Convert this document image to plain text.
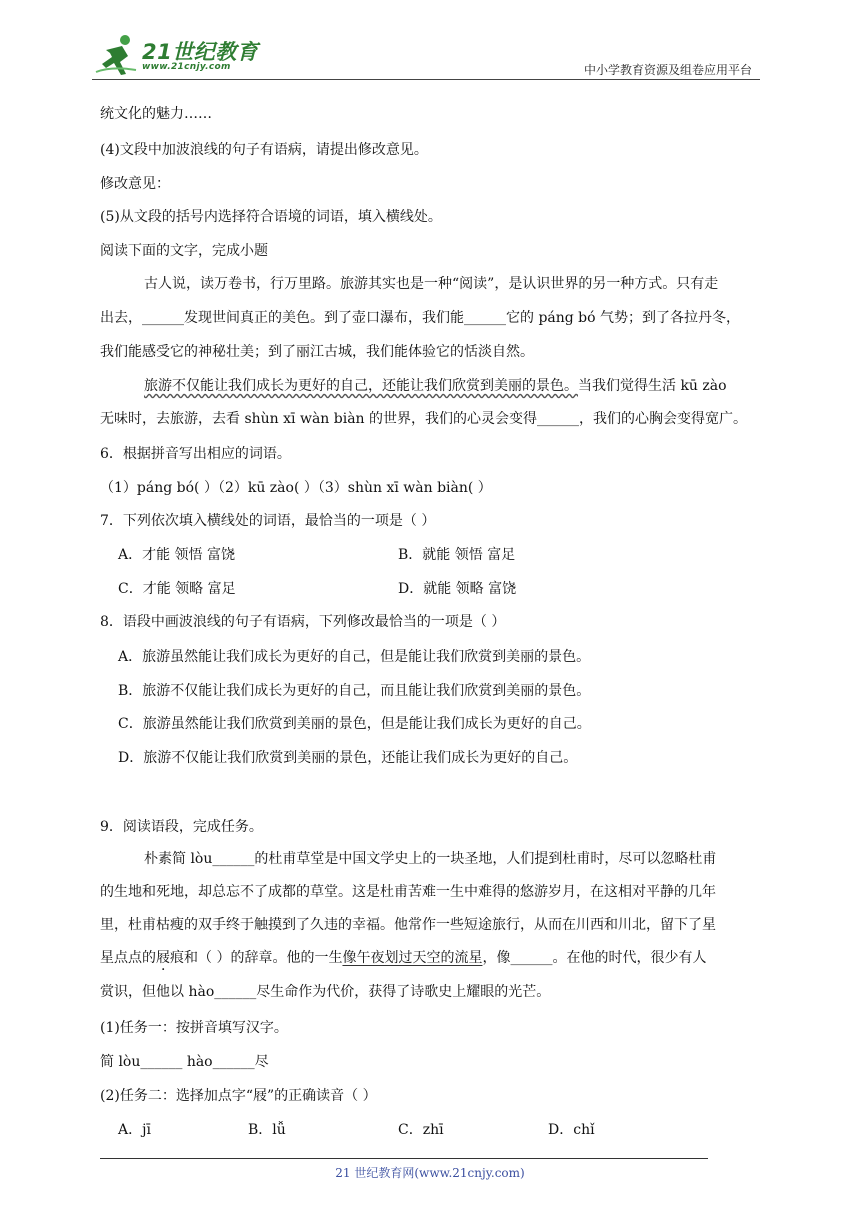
21世纪教育
www.21cnjy.com	中小学教育资源及组卷应用平台
统文化的魅力……
(4)文段中加波浪线的句子有语病，请提出修改意见。
修改意见：
(5)从文段的括号内选择符合语境的词语，填入横线处。
阅读下面的文字，完成小题
古人说，读万卷书，行万里路。旅游其实也是一种“阅读”，是认识世界的另一种方式。只有走
出去，______发现世间真正的美色。到了壶口瀑布，我们能______它的 páng bó 气势；到了各拉丹冬，
我们能感受它的神秘壮美；到了丽江古城，我们能体验它的恬淡自然。
旅游不仅能让我们成长为更好的自己，还能让我们欣赏到美丽的景色。当我们觉得生活 kū zào
无味时，去旅游，去看 shùn xī wàn biàn 的世界，我们的心灵会变得______，我们的心胸会变得宽广。
6．根据拼音写出相应的词语。
（1）páng bó( ）（2）kū zào( ）（3）shùn xī wàn biàn( ）
7．下列依次填入横线处的词语，最恰当的一项是（ ）
A．才能 领悟 富饶	B．就能 领悟 富足
C．才能 领略 富足	D．就能 领略 富饶
8．语段中画波浪线的句子有语病，下列修改最恰当的一项是（ ）
A．旅游虽然能让我们成长为更好的自己，但是能让我们欣赏到美丽的景色。
B．旅游不仅能让我们成长为更好的自己，而且能让我们欣赏到美丽的景色。
C．旅游虽然能让我们欣赏到美丽的景色，但是能让我们成长为更好的自己。
D．旅游不仅能让我们欣赏到美丽的景色，还能让我们成长为更好的自己。
9．阅读语段，完成任务。
朴素简 lòu______的杜甫草堂是中国文学史上的一块圣地，人们提到杜甫时，尽可以忽略杜甫
的生地和死地，却总忘不了成都的草堂。这是杜甫苦难一生中难得的悠游岁月，在这相对平静的几年
里，杜甫枯瘦的双手终于触摸到了久违的幸福。他常作一些短途旅行，从而在川西和川北，留下了星
星点点的屐痕和（ ）的辞章。他的一生像午夜划过天空的流星，像______。在他的时代，很少有人
赏识，但他以 hào______尽生命作为代价，获得了诗歌史上耀眼的光芒。
(1)任务一：按拼音填写汉字。
简 lòu______ hào______尽
(2)任务二：选择加点字“屐”的正确读音（ ）
A．jī	B．lǚ	C．zhī	D．chǐ
21 世纪教育网(www.21cnjy.com)
